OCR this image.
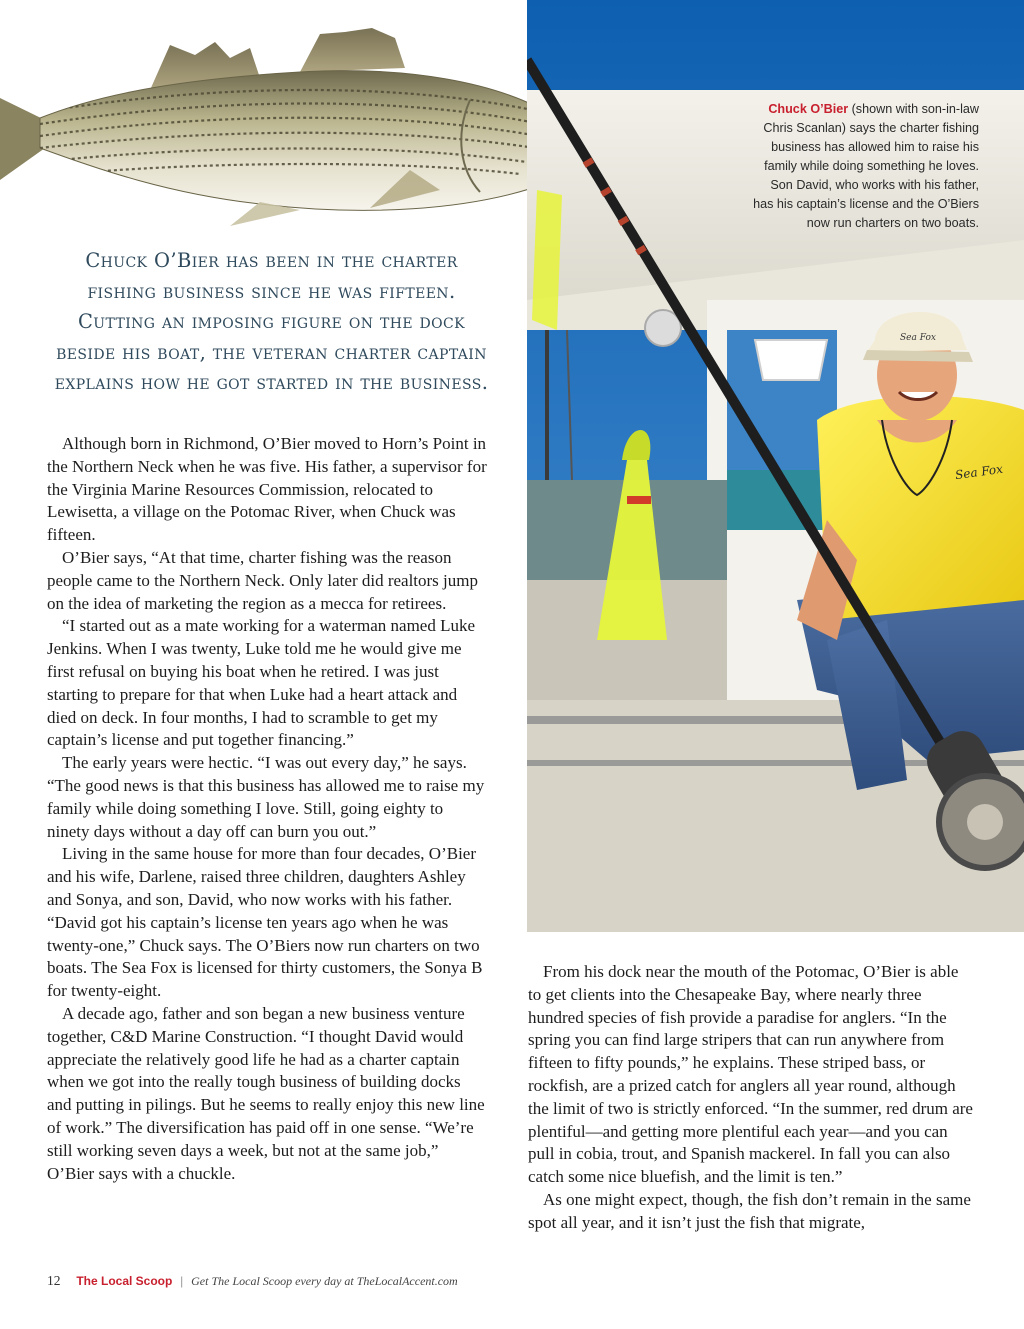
Sea Fox
Sea Fox
Chuck O’Bier (shown with son-in-law Chris Scanlan) says the charter fishing business has allowed him to raise his family while doing something he loves. Son David, who works with his father, has his captain’s license and the O’Biers now run charters on two boats.
Chuck O’Bier has been in the charter fishing business since he was fifteen. Cutting an imposing figure on the dock beside his boat, the veteran charter captain explains how he got started in the business.

Although born in Richmond, O’Bier moved to Horn’s Point in the Northern Neck when he was five. His father, a supervisor for the Virginia Marine Resources Commission, relocated to Lewisetta, a village on the Potomac River, when Chuck was fifteen.

O’Bier says, “At that time, charter fishing was the reason people came to the Northern Neck. Only later did realtors jump on the idea of marketing the region as a mecca for retirees.

“I started out as a mate working for a waterman named Luke Jenkins. When I was twenty, Luke told me he would give me first refusal on buying his boat when he retired. I was just starting to prepare for that when Luke had a heart attack and died on deck. In four months, I had to scramble to get my captain’s license and put together financing.”

The early years were hectic. “I was out every day,” he says. “The good news is that this business has allowed me to raise my family while doing something I love. Still, going eighty to ninety days without a day off can burn you out.”

Living in the same house for more than four decades, O’Bier and his wife, Darlene, raised three children, daughters Ashley and Sonya, and son, David, who now works with his father. “David got his captain’s license ten years ago when he was twenty-one,” Chuck says. The O’Biers now run charters on two boats. The Sea Fox is licensed for thirty customers, the Sonya B for twenty-eight.

A decade ago, father and son began a new business venture together, C&D Marine Construction. “I thought David would appreciate the relatively good life he had as a charter captain when we got into the really tough business of building docks and putting in pilings. But he seems to really enjoy this new line of work.” The diversification has paid off in one sense. “We’re still working seven days a week, but not at the same job,” O’Bier says with a chuckle.

From his dock near the mouth of the Potomac, O’Bier is able to get clients into the Chesapeake Bay, where nearly three hundred species of fish provide a paradise for anglers. “In the spring you can find large stripers that can run anywhere from fifteen to fifty pounds,” he explains. These striped bass, or rockfish, are a prized catch for anglers all year round, although the limit of two is strictly enforced. “In the summer, red drum are plentiful—and getting more plentiful each year—and you can pull in cobia, trout, and Spanish mackerel. In fall you can also catch some nice bluefish, and the limit is ten.”

As one might expect, though, the fish don’t remain in the same spot all year, and it isn’t just the fish that migrate,

12 The Local Scoop | Get The Local Scoop every day at TheLocalAccent.com
